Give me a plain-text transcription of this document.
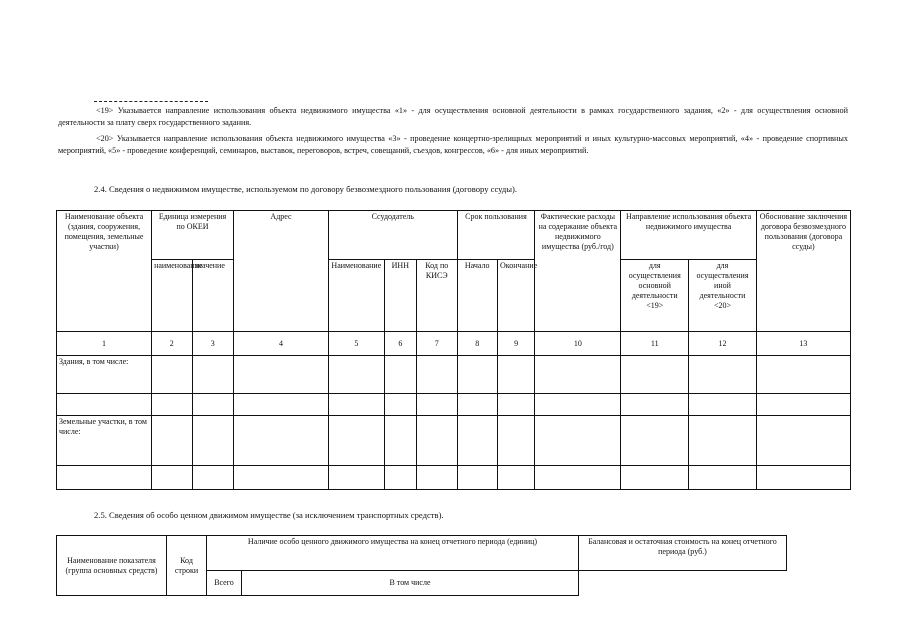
<19> Указывается направление использования объекта недвижимого имущества «1» - для осуществления основной деятельности в рамках государственного задания, «2» - для осуществления основной деятельности за плату сверх государственного задания.
<20> Указывается направление использования объекта недвижимого имущества «3» - проведение концертно-зрелищных мероприятий и иных культурно-массовых мероприятий, «4» - проведение спортивных мероприятий, «5» - проведение конференций, семинаров, выставок, переговоров, встреч, совещаний, съездов, конгрессов, «6» - для иных мероприятий.
2.4. Сведения о недвижимом имуществе, используемом по договору безвозмездного пользования (договору ссуды).
Наименование объекта (здания, сооружения, помещения, земельные участки)	Единица измерения по ОКЕИ		Адрес	Ссудодатель			Срок пользования		Фактические расходы на содержание объекта недвижимого имущества (руб./год)	Направление использования объекта недвижимого имущества		Обоснование заключения договора безвозмездного пользования (договора ссуды)
	наименование	значение		Наименование	ИНН	Код по КИСЭ	Начало	Окончание		для осуществления основной деятельности <19>	для осуществления иной деятельности <20>	
1	2	3	4	5	6	7	8	9	10	11	12	13
Здания, в том числе:												

Земельные участки, в том числе:												

2.5. Сведения об особо ценном движимом имуществе (за исключением транспортных средств).
Наименование показателя (группа основных средств)	Код строки	Наличие особо ценного движимого имущества на конец отчетного периода (единиц)		Балансовая и остаточная стоимость на конец отчетного периода (руб.)
		Всего	В том числе	
